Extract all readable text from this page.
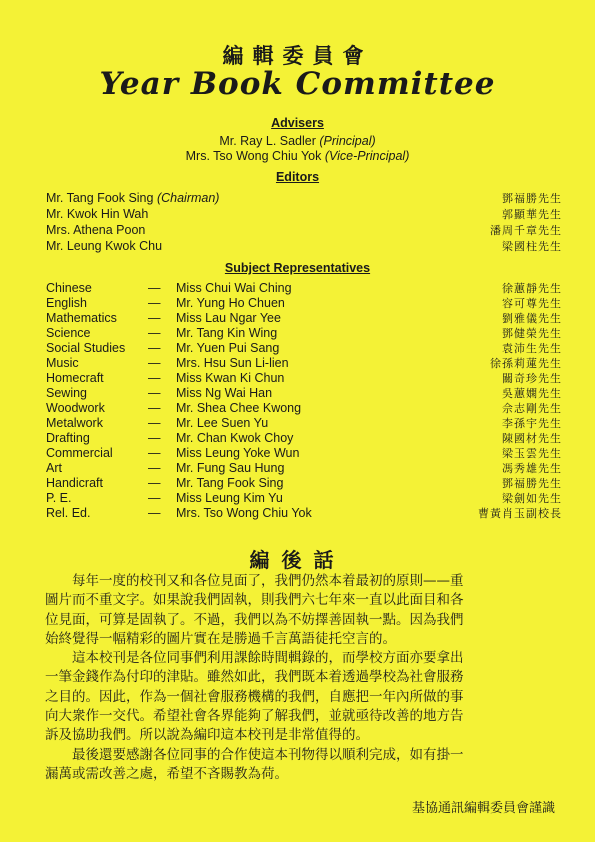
編輯委員會
Year Book Committee
Advisers
Mr. Ray L. Sadler (Principal)
Mrs. Tso Wong Chiu Yok (Vice-Principal)
Editors
Mr. Tang Fook Sing (Chairman)	鄧福勝先生
Mr. Kwok Hin Wah	郭顯華先生
Mrs. Athena Poon	潘周千章先生
Mr. Leung Kwok Chu	梁國柱先生
Subject Representatives
Chinese	— Miss Chui Wai Ching	徐蕙靜先生
English	— Mr. Yung Ho Chuen	容可尊先生
Mathematics — Miss Lau Ngar Yee	劉雅儀先生
Science	— Mr. Tang Kin Wing	鄧健榮先生
Social Studies — Mr. Yuen Pui Sang	袁沛生先生
Music	— Mrs. Hsu Sun Li-lien	徐孫莉蓮先生
Homecraft	— Miss Kwan Ki Chun	關奇珍先生
Sewing	— Miss Ng Wai Han	吳蕙嫻先生
Woodwork	— Mr. Shea Chee Kwong	佘志剛先生
Metalwork	— Mr. Lee Suen Yu	李孫宇先生
Drafting	— Mr. Chan Kwok Choy	陳國材先生
Commercial	— Miss Leung Yoke Wun	梁玉雲先生
Art	— Mr. Fung Sau Hung	馮秀雄先生
Handicraft	— Mr. Tang Fook Sing	鄧福勝先生
P. E.	— Miss Leung Kim Yu	梁劍如先生
Rel. Ed.	— Mrs. Tso Wong Chiu Yok	曹黃肖玉副校長
編後話

　　每年一度的校刊又和各位見面了，我們仍然本着最初的原則——重

圖片而不重文字。如果說我們固執，則我們六七年來一直以此面目和各

位見面，可算是固執了。不過，我們以為不妨擇善固執一點。因為我們

始終覺得一幅精彩的圖片實在是勝過千言萬語徒托空言的。

　　這本校刊是各位同事們利用課餘時間輯錄的，而學校方面亦要拿出

一筆金錢作為付印的津貼。雖然如此，我們既本着透過學校為社會服務

之目的。因此，作為一個社會服務機構的我們，自應把一年內所做的事

向大衆作一交代。希望社會各界能夠了解我們，並就亟待改善的地方告

訴及協助我們。所以說為編印這本校刊是非常值得的。

　　最後還要感謝各位同事的合作使這本刊物得以順利完成，如有掛一

漏萬或需改善之處，希望不吝賜教為荷。

基協通訊編輯委員會謹識
